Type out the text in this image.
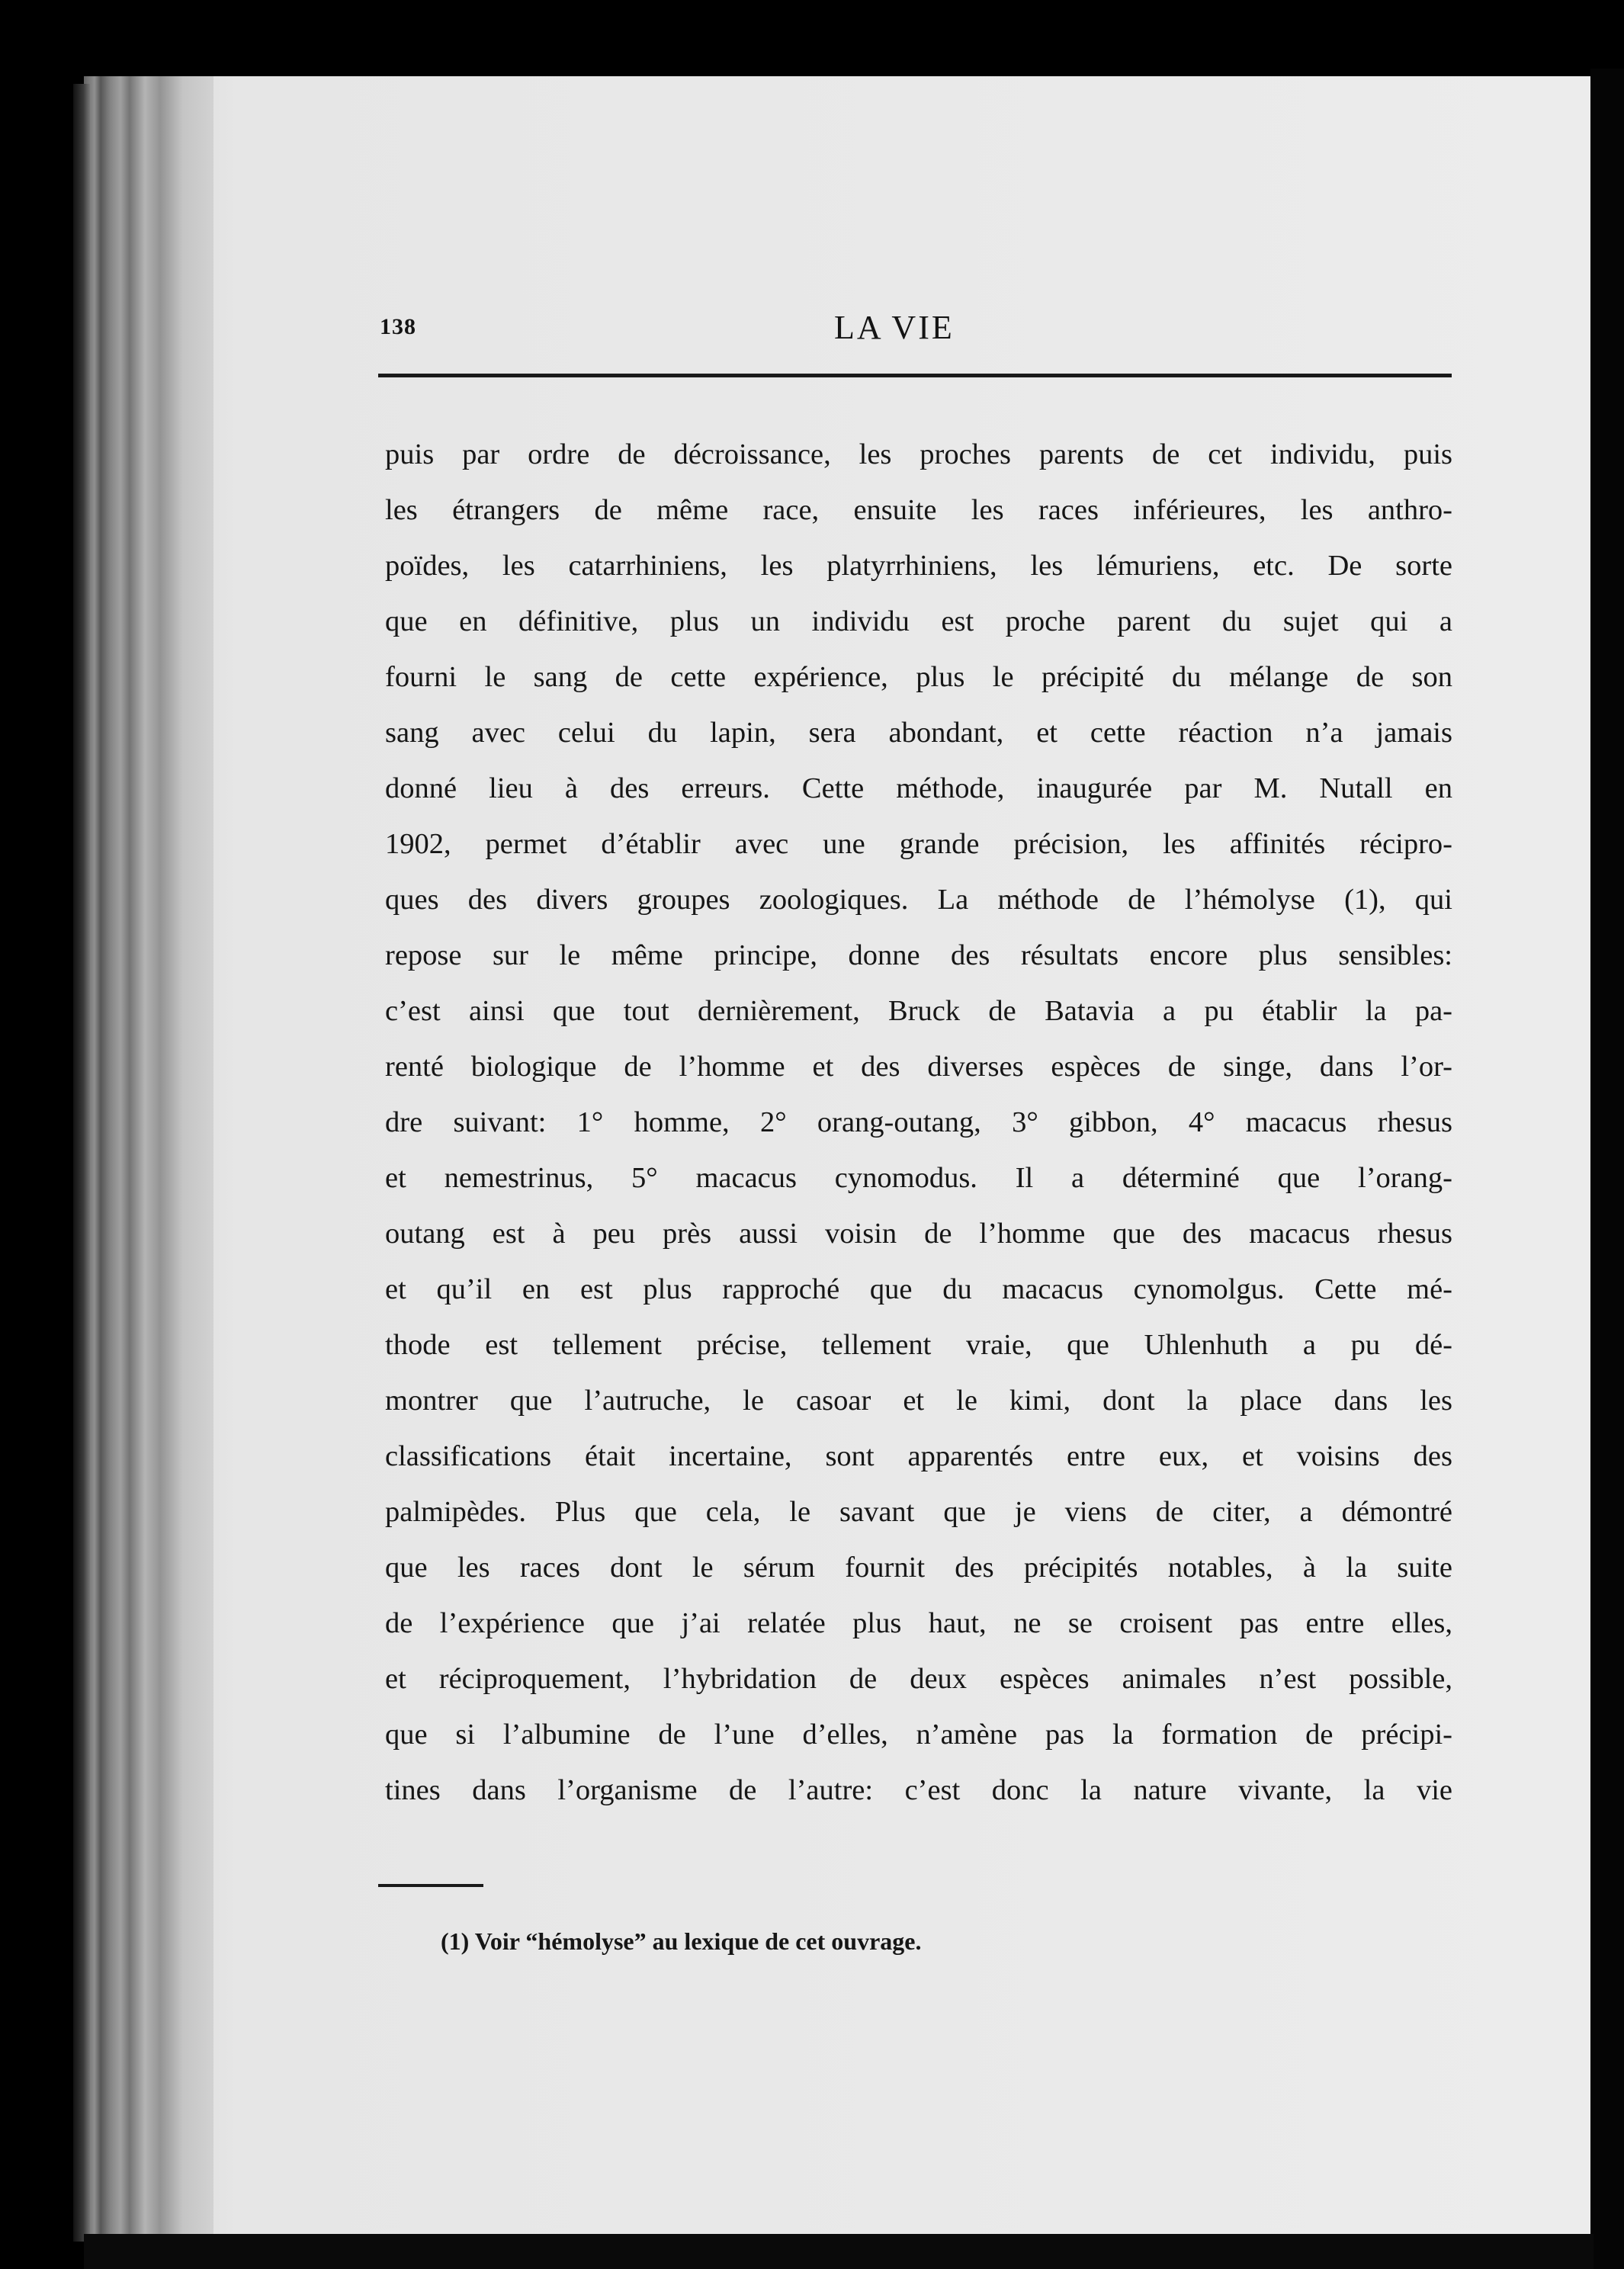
138	LA VIE
puis par ordre de décroissance, les proches parents de cet individu, puis
les étrangers de même race, ensuite les races inférieures, les anthro-
poïdes, les catarrhiniens, les platyrrhiniens, les lémuriens, etc. De sorte
que en définitive, plus un individu est proche parent du sujet qui a
fourni le sang de cette expérience, plus le précipité du mélange de son
sang avec celui du lapin, sera abondant, et cette réaction n’a jamais
donné lieu à des erreurs. Cette méthode, inaugurée par M. Nutall en
1902, permet d’établir avec une grande précision, les affinités récipro-
ques des divers groupes zoologiques. La méthode de l’hémolyse (1), qui
repose sur le même principe, donne des résultats encore plus sensibles:
c’est ainsi que tout dernièrement, Bruck de Batavia a pu établir la pa-
renté biologique de l’homme et des diverses espèces de singe, dans l’or-
dre suivant: 1° homme, 2° orang-outang, 3° gibbon, 4° macacus rhesus
et nemestrinus, 5° macacus cynomodus. Il a déterminé que l’orang-
outang est à peu près aussi voisin de l’homme que des macacus rhesus
et qu’il en est plus rapproché que du macacus cynomolgus. Cette mé-
thode est tellement précise, tellement vraie, que Uhlenhuth a pu dé-
montrer que l’autruche, le casoar et le kimi, dont la place dans les
classifications était incertaine, sont apparentés entre eux, et voisins des
palmipèdes. Plus que cela, le savant que je viens de citer, a démontré
que les races dont le sérum fournit des précipités notables, à la suite
de l’expérience que j’ai relatée plus haut, ne se croisent pas entre elles,
et réciproquement, l’hybridation de deux espèces animales n’est possible,
que si l’albumine de l’une d’elles, n’amène pas la formation de précipi-
tines dans l’organisme de l’autre: c’est donc la nature vivante, la vie
(1) Voir “hémolyse” au lexique de cet ouvrage.
